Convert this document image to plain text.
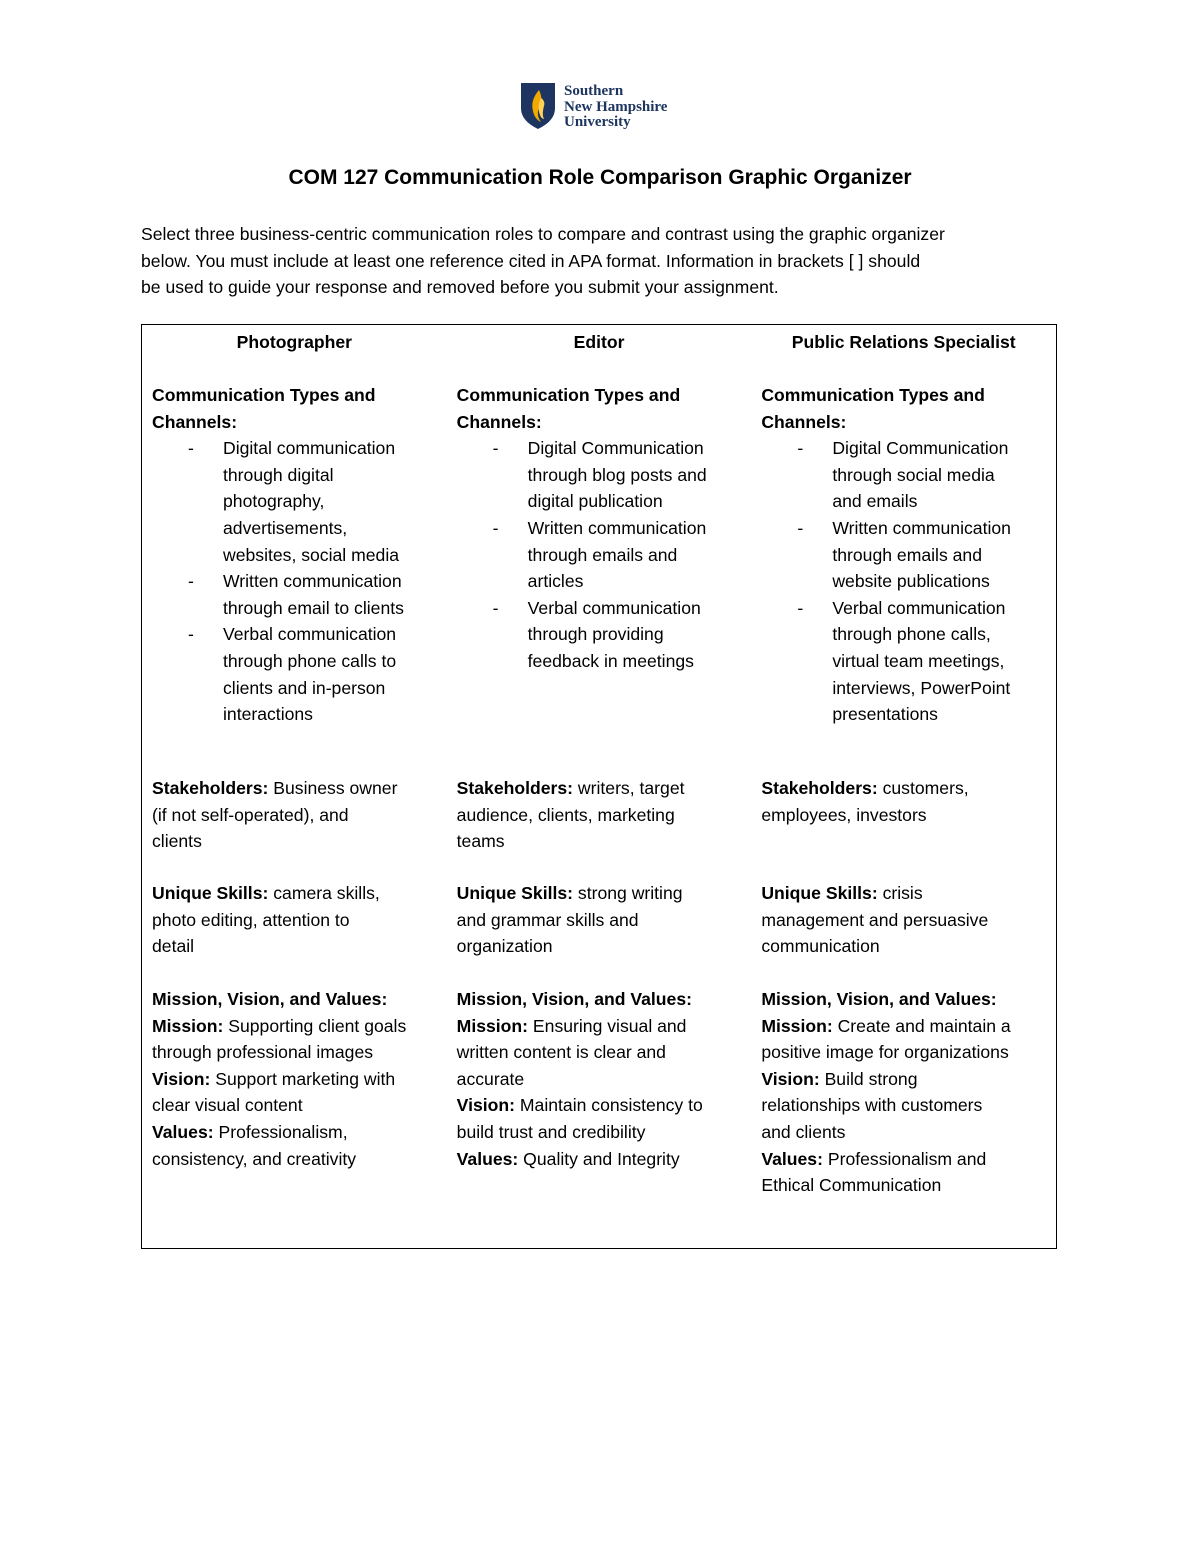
Southern
New Hampshire
University
COM 127 Communication Role Comparison Graphic Organizer

Select three business-centric communication roles to compare and contrast using the graphic organizer

below. You must include at least one reference cited in APA format. Information in brackets [ ] should

be used to guide your response and removed before you submit your assignment.

Photographer
Communication Types and
Channels:
- Digital communication
through digital
photography,
advertisements,
websites, social media
- Written communication
through email to clients
- Verbal communication
through phone calls to
clients and in-person
interactions
Stakeholders: Business owner
(if not self-operated), and
clients
Unique Skills: camera skills,
photo editing, attention to
detail
Mission, Vision, and Values:
Mission: Supporting client goals
through professional images
Vision: Support marketing with
clear visual content
Values: Professionalism,
consistency, and creativity
Editor
Communication Types and
Channels:
- Digital Communication
through blog posts and
digital publication
- Written communication
through emails and
articles
- Verbal communication
through providing
feedback in meetings
Stakeholders: writers, target
audience, clients, marketing
teams
Unique Skills: strong writing
and grammar skills and
organization
Mission, Vision, and Values:
Mission: Ensuring visual and
written content is clear and
accurate
Vision: Maintain consistency to
build trust and credibility
Values: Quality and Integrity
Public Relations Specialist
Communication Types and
Channels:
- Digital Communication
through social media
and emails
- Written communication
through emails and
website publications
- Verbal communication
through phone calls,
virtual team meetings,
interviews, PowerPoint
presentations
Stakeholders: customers,
employees, investors
Unique Skills: crisis
management and persuasive
communication
Mission, Vision, and Values:
Mission: Create and maintain a
positive image for organizations
Vision: Build strong
relationships with customers
and clients
Values: Professionalism and
Ethical Communication
